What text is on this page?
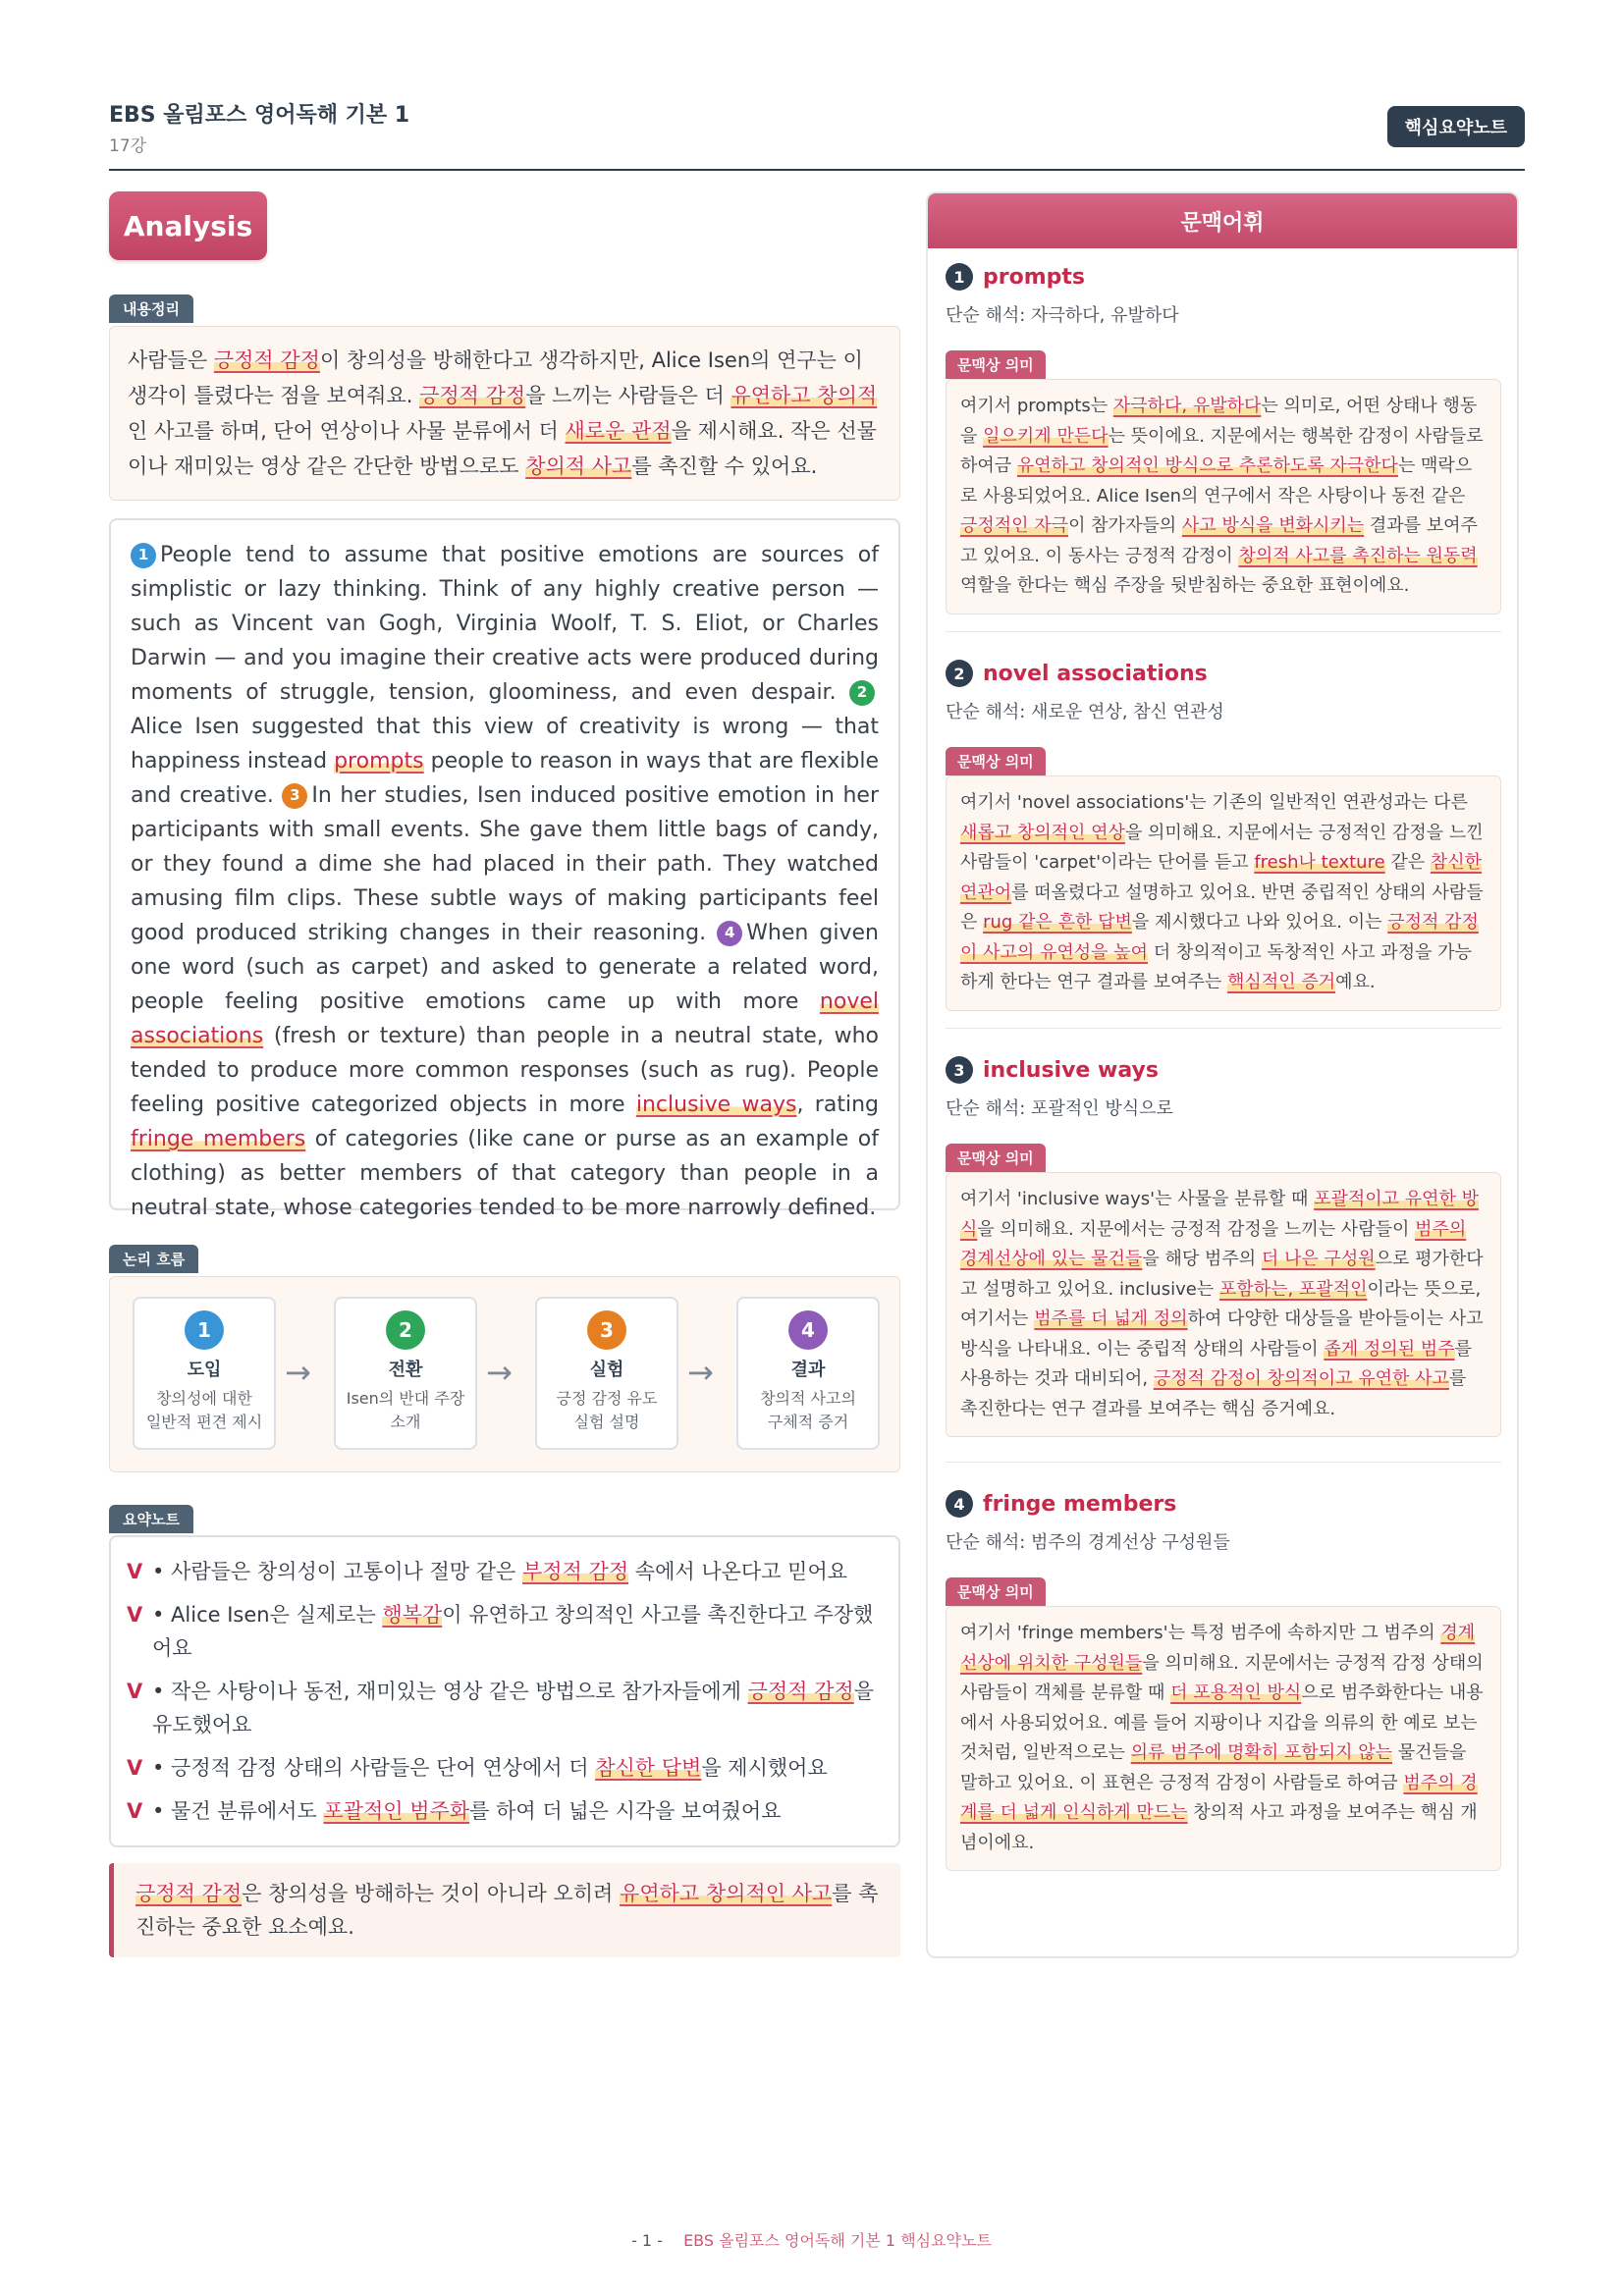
EBS 올림포스 영어독해 기본 1
17강
핵심요약노트
Analysis
내용정리
사람들은 긍정적 감정이 창의성을 방해한다고 생각하지만, Alice Isen의 연구는 이 생각이 틀렸다는 점을 보여줘요. 긍정적 감정을 느끼는 사람들은 더 유연하고 창의적인 사고를 하며, 단어 연상이나 사물 분류에서 더 새로운 관점을 제시해요. 작은 선물이나 재미있는 영상 같은 간단한 방법으로도 창의적 사고를 촉진할 수 있어요.
1 People tend to assume that positive emotions are sources of simplistic or lazy thinking. Think of any highly creative person — such as Vincent van Gogh, Virginia Woolf, T. S. Eliot, or Charles Darwin — and you imagine their creative acts were produced during moments of struggle, tension, gloominess, and even despair. 2Alice Isen suggested that this view of creativity is wrong — that happiness instead prompts people to reason in ways that are flexible and creative. 3 In her studies, Isen induced positive emotion in her participants with small events. She gave them little bags of candy, or they found a dime she had placed in their path. They watched amusing film clips. These subtle ways of making participants feel good produced striking changes in their reasoning. 4 When given one word (such as carpet) and asked to generate a related word, people feeling positive emotions came up with more novel associations (fresh or texture) than people in a neutral state, who tended to produce more common responses (such as rug). People feeling positive categorized objects in more inclusive ways, rating fringe members of categories (like cane or purse as an example of clothing) as better members of that category than people in a neutral state, whose categories tended to be more narrowly defined.
논리 흐름
1
도입
창의성에 대한
일반적 편견 제시
→
2
전환
Isen의 반대 주장
소개
→
3
실험
긍정 감정 유도
실험 설명
→
4
결과
창의적 사고의
구체적 증거
요약노트
V • 사람들은 창의성이 고통이나 절망 같은 부정적 감정 속에서 나온다고 믿어요
V • Alice Isen은 실제로는 행복감이 유연하고 창의적인 사고를 촉진한다고 주장했어요
V • 작은 사탕이나 동전, 재미있는 영상 같은 방법으로 참가자들에게 긍정적 감정을 유도했어요
V • 긍정적 감정 상태의 사람들은 단어 연상에서 더 참신한 답변을 제시했어요
V • 물건 분류에서도 포괄적인 범주화를 하여 더 넓은 시각을 보여줬어요
긍정적 감정은 창의성을 방해하는 것이 아니라 오히려 유연하고 창의적인 사고를 촉진하는 중요한 요소예요.
문맥어휘
1 prompts
단순 해석: 자극하다, 유발하다
문맥상 의미
여기서 prompts는 자극하다, 유발하다는 의미로, 어떤 상태나 행동을 일으키게 만든다는 뜻이에요. 지문에서는 행복한 감정이 사람들로 하여금 유연하고 창의적인 방식으로 추론하도록 자극한다는 맥락으로 사용되었어요. Alice Isen의 연구에서 작은 사탕이나 동전 같은 긍정적인 자극이 참가자들의 사고 방식을 변화시키는 결과를 보여주고 있어요. 이 동사는 긍정적 감정이 창의적 사고를 촉진하는 원동력 역할을 한다는 핵심 주장을 뒷받침하는 중요한 표현이에요.
2 novel associations
단순 해석: 새로운 연상, 참신 연관성
문맥상 의미
여기서 'novel associations'는 기존의 일반적인 연관성과는 다른 새롭고 창의적인 연상을 의미해요. 지문에서는 긍정적인 감정을 느낀 사람들이 'carpet'이라는 단어를 듣고 fresh나 texture 같은 참신한 연관어를 떠올렸다고 설명하고 있어요. 반면 중립적인 상태의 사람들은 rug 같은 흔한 답변을 제시했다고 나와 있어요. 이는 긍정적 감정이 사고의 유연성을 높여 더 창의적이고 독창적인 사고 과정을 가능하게 한다는 연구 결과를 보여주는 핵심적인 증거예요.
3 inclusive ways
단순 해석: 포괄적인 방식으로
문맥상 의미
여기서 'inclusive ways'는 사물을 분류할 때 포괄적이고 유연한 방식을 의미해요. 지문에서는 긍정적 감정을 느끼는 사람들이 범주의 경계선상에 있는 물건들을 해당 범주의 더 나은 구성원으로 평가한다고 설명하고 있어요. inclusive는 포함하는, 포괄적인이라는 뜻으로, 여기서는 범주를 더 넓게 정의하여 다양한 대상들을 받아들이는 사고방식을 나타내요. 이는 중립적 상태의 사람들이 좁게 정의된 범주를 사용하는 것과 대비되어, 긍정적 감정이 창의적이고 유연한 사고를 촉진한다는 연구 결과를 보여주는 핵심 증거예요.
4 fringe members
단순 해석: 범주의 경계선상 구성원들
문맥상 의미
여기서 'fringe members'는 특정 범주에 속하지만 그 범주의 경계선상에 위치한 구성원들을 의미해요. 지문에서는 긍정적 감정 상태의 사람들이 객체를 분류할 때 더 포용적인 방식으로 범주화한다는 내용에서 사용되었어요. 예를 들어 지팡이나 지갑을 의류의 한 예로 보는 것처럼, 일반적으로는 의류 범주에 명확히 포함되지 않는 물건들을 말하고 있어요. 이 표현은 긍정적 감정이 사람들로 하여금 범주의 경계를 더 넓게 인식하게 만드는 창의적 사고 과정을 보여주는 핵심 개념이에요.
- 1 - EBS 올림포스 영어독해 기본 1 핵심요약노트
